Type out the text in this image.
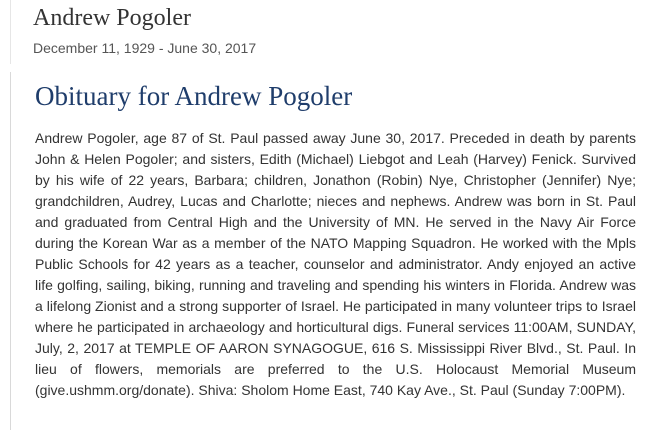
Andrew Pogoler
December 11, 1929 - June 30, 2017
Obituary for Andrew Pogoler

Andrew Pogoler, age 87 of St. Paul passed away June 30, 2017. Preceded in death by parents John & Helen Pogoler; and sisters, Edith (Michael) Liebgot and Leah (Harvey) Fenick. Survived by his wife of 22 years, Barbara; children, Jonathon (Robin) Nye, Christopher (Jennifer) Nye; grandchildren, Audrey, Lucas and Charlotte; nieces and nephews. Andrew was born in St. Paul and graduated from Central High and the University of MN. He served in the Navy Air Force during the Korean War as a member of the NATO Mapping Squadron. He worked with the Mpls Public Schools for 42 years as a teacher, counselor and administrator. Andy enjoyed an active life golfing, sailing, biking, running and traveling and spending his winters in Florida. Andrew was a lifelong Zionist and a strong supporter of Israel. He participated in many volunteer trips to Israel where he participated in archaeology and horticultural digs. Funeral services 11:00AM, SUNDAY, July, 2, 2017 at TEMPLE OF AARON SYNAGOGUE, 616 S. Mississippi River Blvd., St. Paul. In lieu of flowers, memorials are preferred to the U.S. Holocaust Memorial Museum (give.ushmm.org/donate). Shiva: Sholom Home East, 740 Kay Ave., St. Paul (Sunday 7:00PM).
